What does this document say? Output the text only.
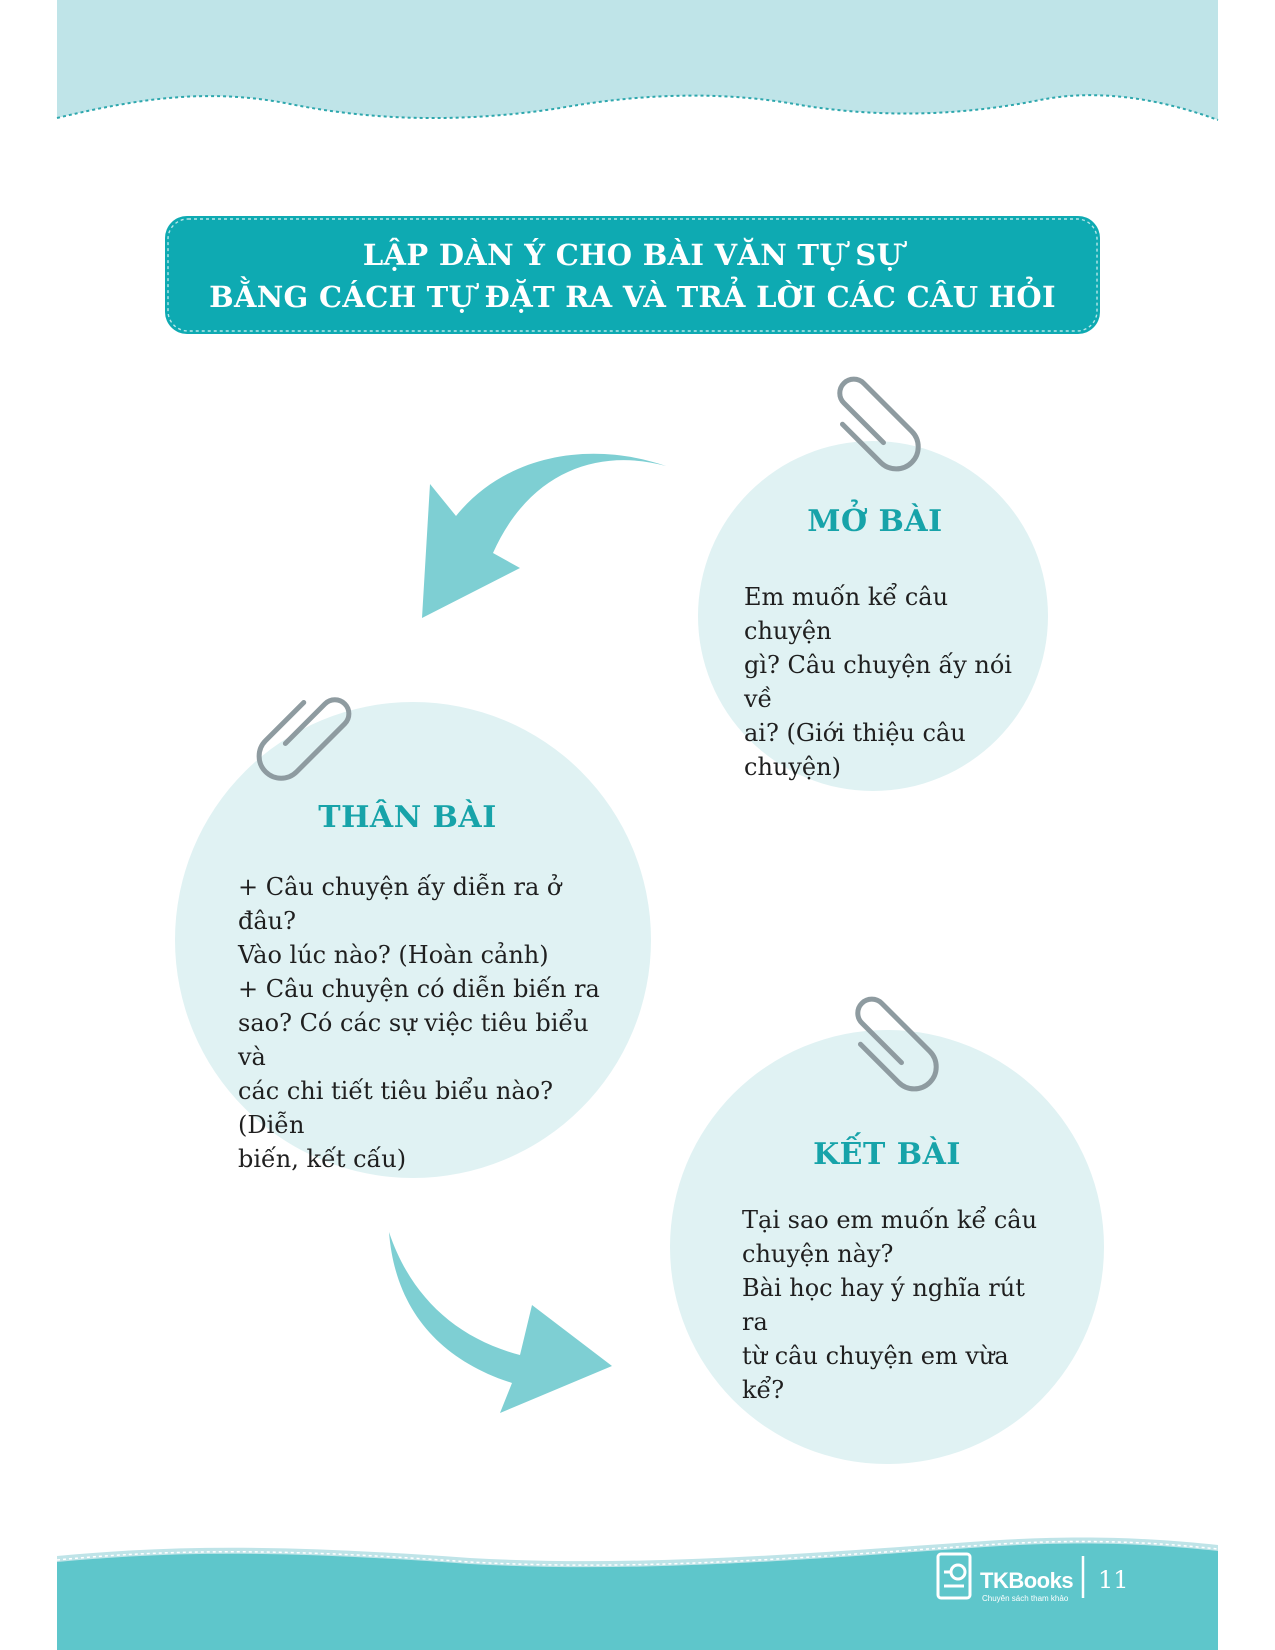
LẬP DÀN Ý CHO BÀI VĂN TỰ SỰ
BẰNG CÁCH TỰ ĐẶT RA VÀ TRẢ LỜI CÁC CÂU HỎI
MỞ BÀI

Em muốn kể câu chuyện

gì? Câu chuyện ấy nói về

ai? (Giới thiệu câu chuyện)

THÂN BÀI

+ Câu chuyện ấy diễn ra ở đâu?

Vào lúc nào? (Hoàn cảnh)

+ Câu chuyện có diễn biến ra

sao? Có các sự việc tiêu biểu và

các chi tiết tiêu biểu nào? (Diễn

biến, kết cấu)	KẾT BÀI

Tại sao em muốn kể câu

chuyện này?

Bài học hay ý nghĩa rút ra

từ câu chuyện em vừa kể?

TKBooks
Chuyên sách tham khảo
11
